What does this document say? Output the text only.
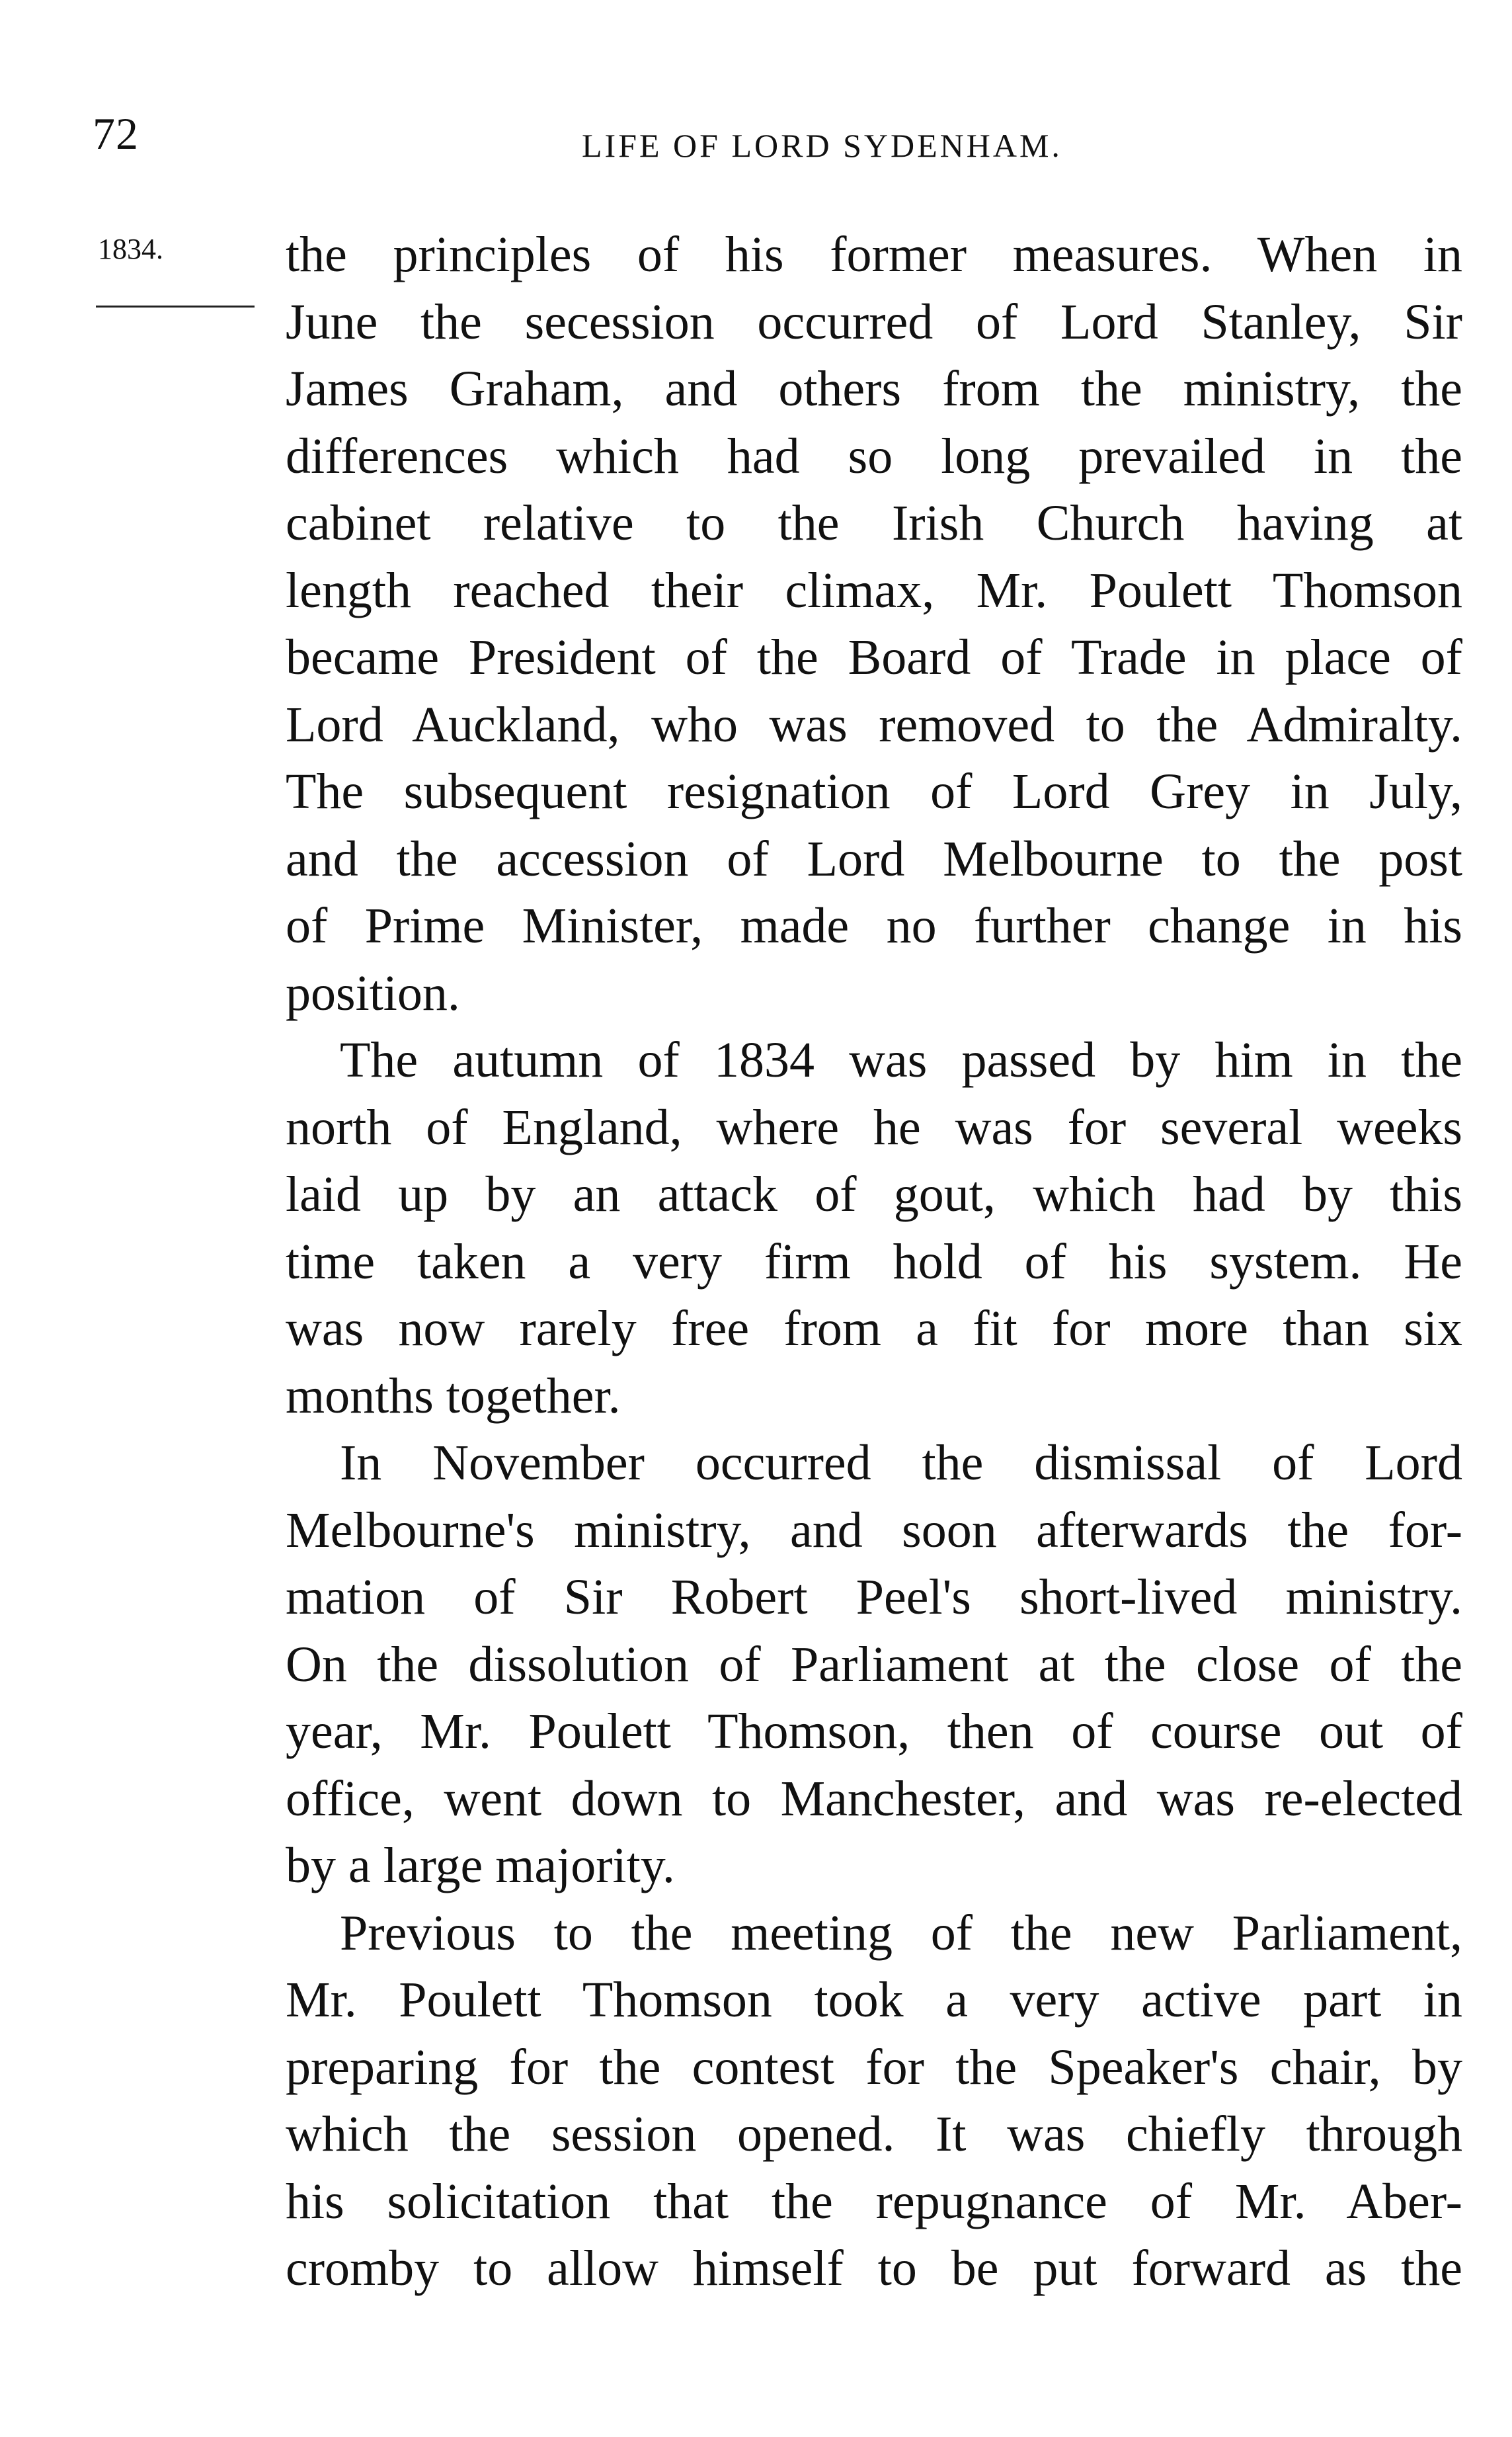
72	LIFE OF LORD SYDENHAM.
1834. the principles of his former measures. When in
June the secession occurred of Lord Stanley, Sir
James Graham, and others from the ministry, the
differences which had so long prevailed in the
cabinet relative to the Irish Church having at
length reached their climax, Mr. Poulett Thomson
became President of the Board of Trade in place of
Lord Auckland, who was removed to the Admiralty.
The subsequent resignation of Lord Grey in July,
and the accession of Lord Melbourne to the post
of Prime Minister, made no further change in his
position.

The autumn of 1834 was passed by him in the
north of England, where he was for several weeks
laid up by an attack of gout, which had by this
time taken a very firm hold of his system. He
was now rarely free from a fit for more than six
months together.

In November occurred the dismissal of Lord
Melbourne's ministry, and soon afterwards the for-
mation of Sir Robert Peel's short-lived ministry.
On the dissolution of Parliament at the close of the
year, Mr. Poulett Thomson, then of course out of
office, went down to Manchester, and was re-elected
by a large majority.

Previous to the meeting of the new Parliament,
Mr. Poulett Thomson took a very active part in
preparing for the contest for the Speaker's chair, by
which the session opened. It was chiefly through
his solicitation that the repugnance of Mr. Aber-
cromby to allow himself to be put forward as the
